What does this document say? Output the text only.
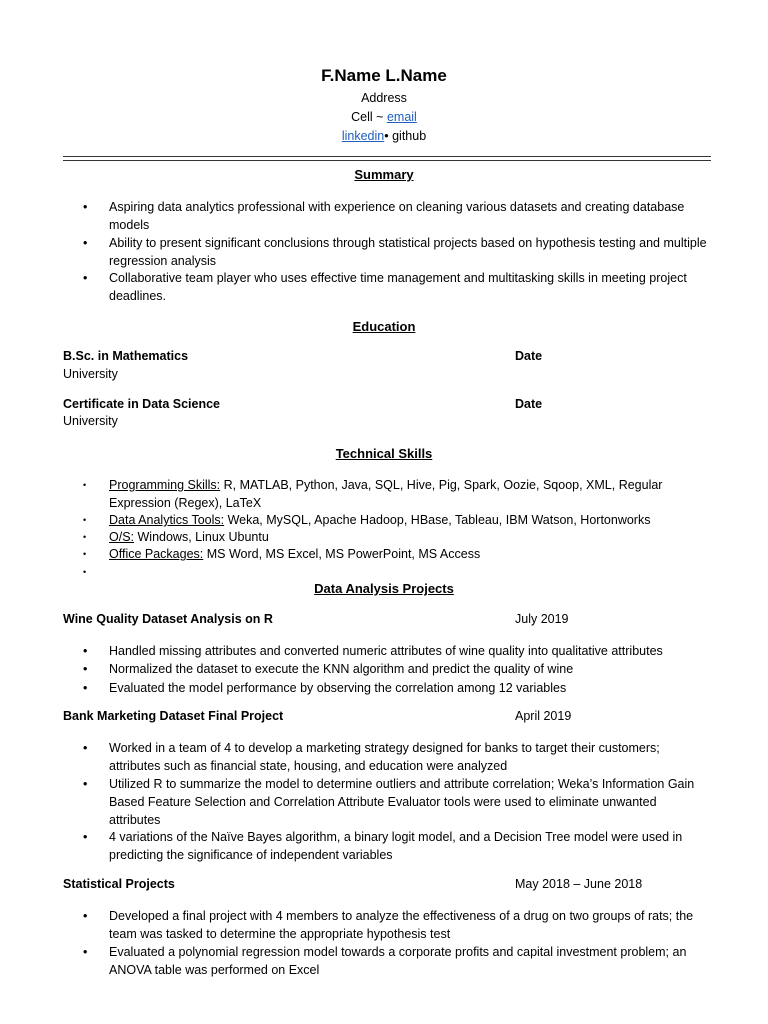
F.Name L.Name
Address
Cell ~ email
linkedin• github
Summary
• Aspiring data analytics professional with experience on cleaning various datasets and creating database
models
• Ability to present significant conclusions through statistical projects based on hypothesis testing and multiple
regression analysis
• Collaborative team player who uses effective time management and multitasking skills in meeting project
deadlines.
Education
B.Sc. in Mathematics	Date
University
Certificate in Data Science	Date
University
Technical Skills
• Programming Skills: R, MATLAB, Python, Java, SQL, Hive, Pig, Spark, Oozie, Sqoop, XML, Regular
Expression (Regex), LaTeX
• Data Analytics Tools: Weka, MySQL, Apache Hadoop, HBase, Tableau, IBM Watson, Hortonworks
• O/S: Windows, Linux Ubuntu
• Office Packages: MS Word, MS Excel, MS PowerPoint, MS Access
•
Data Analysis Projects
Wine Quality Dataset Analysis on R	July 2019
• Handled missing attributes and converted numeric attributes of wine quality into qualitative attributes
• Normalized the dataset to execute the KNN algorithm and predict the quality of wine
• Evaluated the model performance by observing the correlation among 12 variables
Bank Marketing Dataset Final Project	April 2019
• Worked in a team of 4 to develop a marketing strategy designed for banks to target their customers;
attributes such as financial state, housing, and education were analyzed
• Utilized R to summarize the model to determine outliers and attribute correlation; Weka’s Information Gain
Based Feature Selection and Correlation Attribute Evaluator tools were used to eliminate unwanted
attributes
• 4 variations of the Naïve Bayes algorithm, a binary logit model, and a Decision Tree model were used in
predicting the significance of independent variables
Statistical Projects	May 2018 – June 2018
• Developed a final project with 4 members to analyze the effectiveness of a drug on two groups of rats; the
team was tasked to determine the appropriate hypothesis test
• Evaluated a polynomial regression model towards a corporate profits and capital investment problem; an
ANOVA table was performed on Excel
